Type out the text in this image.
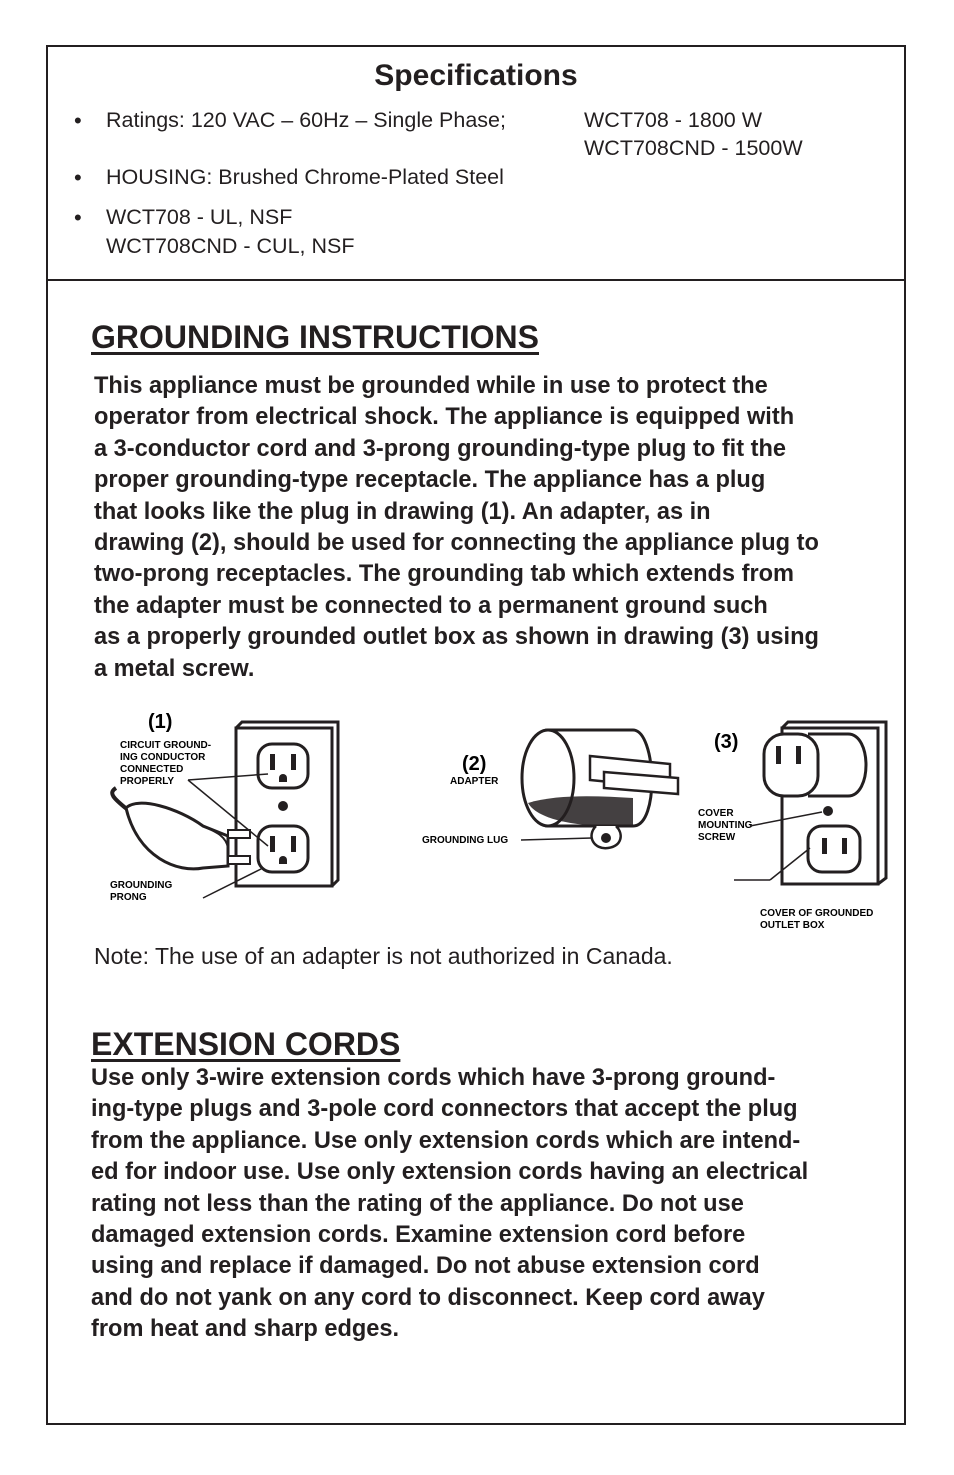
Specifications
• Ratings: 120 VAC – 60Hz – Single Phase;	WCT708 - 1800 W
WCT708CND - 1500W
• HOUSING: Brushed Chrome-Plated Steel
• WCT708 - UL, NSF
WCT708CND - CUL, NSF
GROUNDING INSTRUCTIONS
This appliance must be grounded while in use to protect the
operator from electrical shock. The appliance is equipped with
a 3-conductor cord and 3-prong grounding-type plug to fit the
proper grounding-type receptacle. The appliance has a plug
that looks like the plug in drawing (1). An adapter, as in
drawing (2), should be used for connecting the appliance plug to
two-prong receptacles. The grounding tab which extends from
the adapter must be connected to a permanent ground such
as a properly grounded outlet box as shown in drawing (3) using
a metal screw.
(1)
CIRCUIT GROUND-
ING CONDUCTOR
CONNECTED
PROPERLY
GROUNDING
PRONG
(2)
ADAPTER
GROUNDING LUG
(3)
COVER
MOUNTING
SCREW
COVER OF GROUNDED
OUTLET BOX
Note: The use of an adapter is not authorized in Canada.
EXTENSION CORDS
Use only 3-wire extension cords which have 3-prong ground-
ing-type plugs and 3-pole cord connectors that accept the plug
from the appliance. Use only extension cords which are intend-
ed for indoor use. Use only extension cords having an electrical
rating not less than the rating of the appliance. Do not use
damaged extension cords. Examine extension cord before
using and replace if damaged. Do not abuse extension cord
and do not yank on any cord to disconnect. Keep cord away
from heat and sharp edges.
